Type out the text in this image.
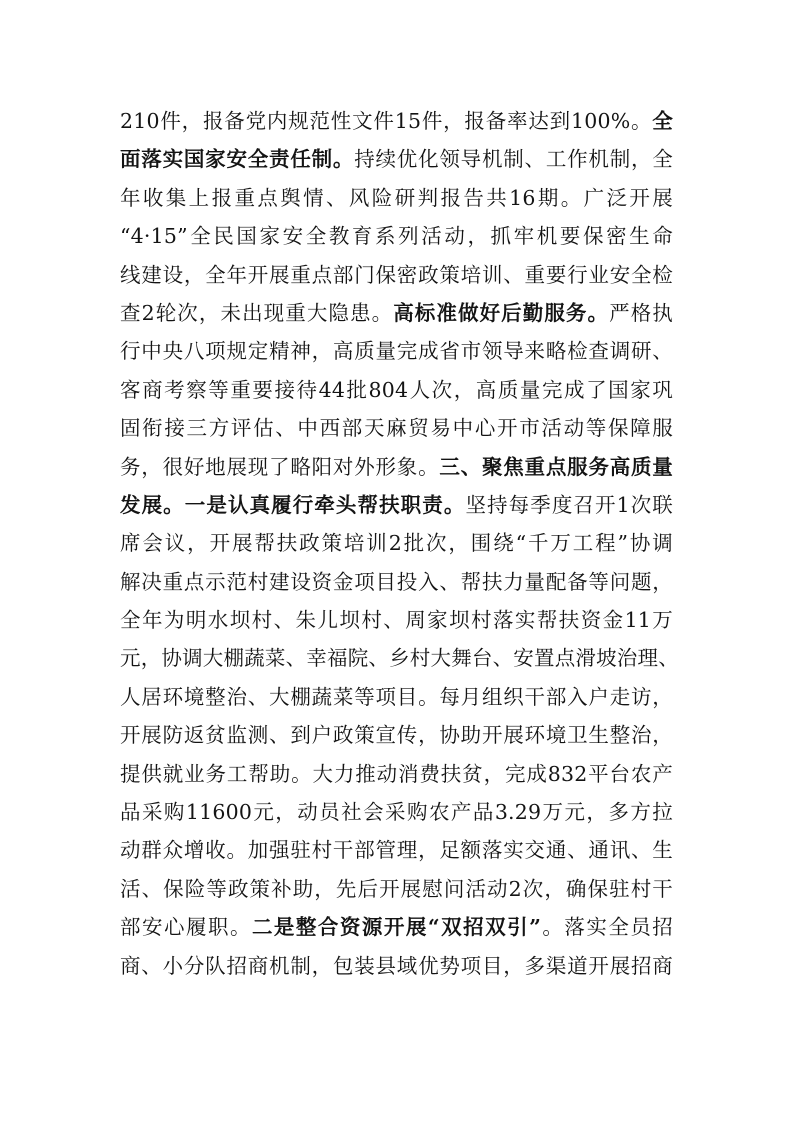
210件，报备党内规范性文件15件，报备率达到100%。全
面落实国家安全责任制。持续优化领导机制、工作机制，全
年收集上报重点舆情、风险研判报告共16期。广泛开展
“4·15”全民国家安全教育系列活动，抓牢机要保密生命
线建设，全年开展重点部门保密政策培训、重要行业安全检
查2轮次，未出现重大隐患。高标准做好后勤服务。严格执
行中央八项规定精神，高质量完成省市领导来略检查调研、
客商考察等重要接待44批804人次，高质量完成了国家巩
固衔接三方评估、中西部天麻贸易中心开市活动等保障服
务，很好地展现了略阳对外形象。三、聚焦重点服务高质量
发展。一是认真履行牵头帮扶职责。坚持每季度召开1次联
席会议，开展帮扶政策培训2批次，围绕“千万工程”协调
解决重点示范村建设资金项目投入、帮扶力量配备等问题，
全年为明水坝村、朱儿坝村、周家坝村落实帮扶资金11万
元，协调大棚蔬菜、幸福院、乡村大舞台、安置点滑坡治理、
人居环境整治、大棚蔬菜等项目。每月组织干部入户走访，
开展防返贫监测、到户政策宣传，协助开展环境卫生整治，
提供就业务工帮助。大力推动消费扶贫，完成832平台农产
品采购11600元，动员社会采购农产品3.29万元，多方拉
动群众增收。加强驻村干部管理，足额落实交通、通讯、生
活、保险等政策补助，先后开展慰问活动2次，确保驻村干
部安心履职。二是整合资源开展“双招双引”。落实全员招
商、小分队招商机制，包装县域优势项目，多渠道开展招商
